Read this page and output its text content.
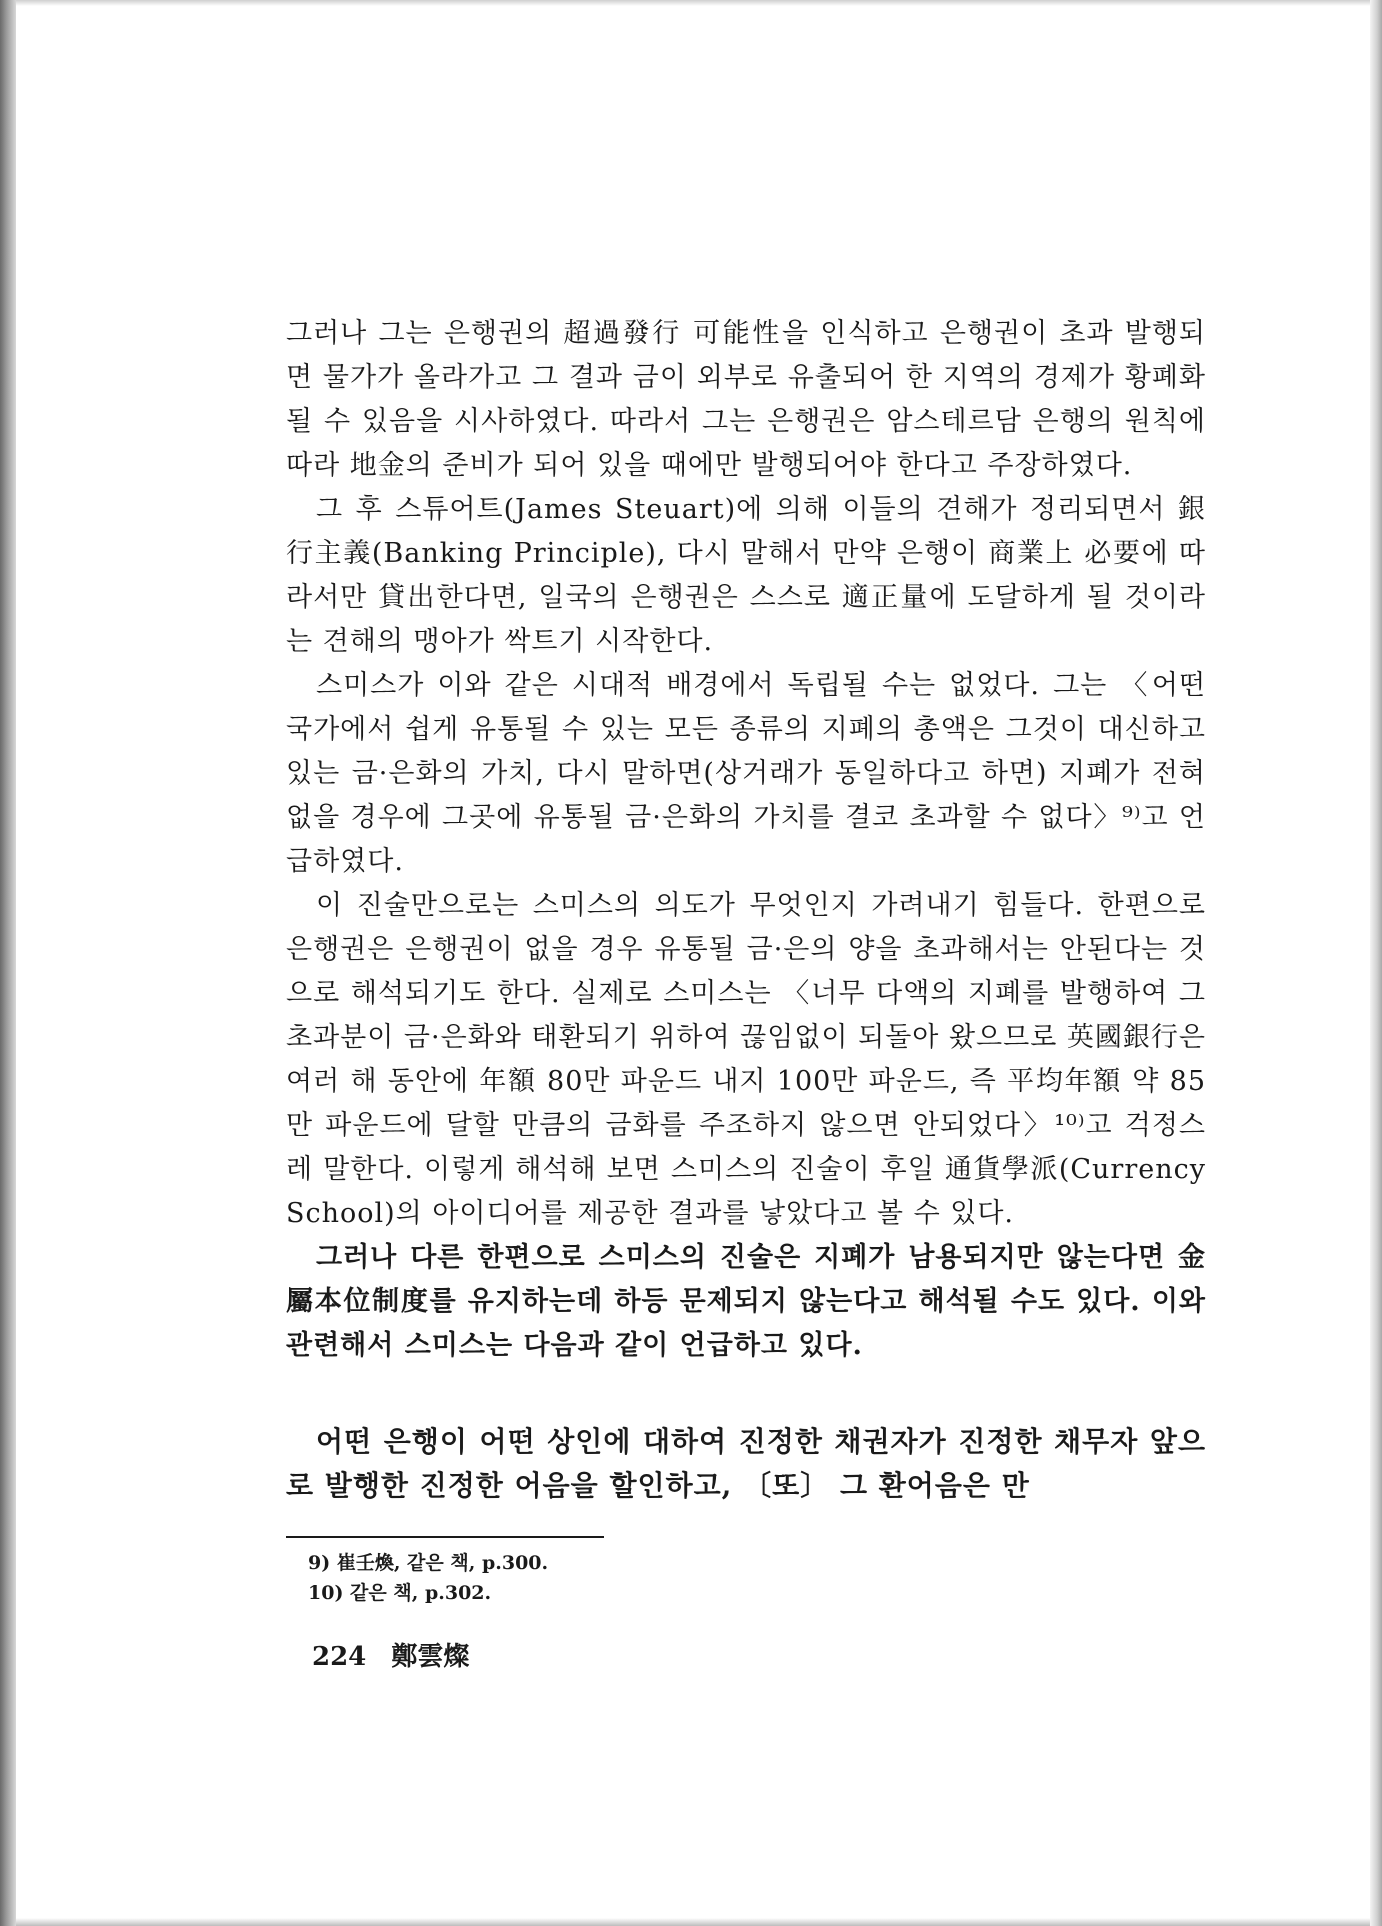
그러나 그는 은행권의 超過發行 可能性을 인식하고 은행권이 초과 발행되면 물가가 올라가고 그 결과 금이 외부로 유출되어 한 지역의 경제가 황폐화될 수 있음을 시사하였다. 따라서 그는 은행권은 암스테르담 은행의 원칙에 따라 地金의 준비가 되어 있을 때에만 발행되어야 한다고 주장하였다.

그 후 스튜어트(James Steuart)에 의해 이들의 견해가 정리되면서 銀行主義(Banking Principle), 다시 말해서 만약 은행이 商業上 必要에 따라서만 貸出한다면, 일국의 은행권은 스스로 適正量에 도달하게 될 것이라는 견해의 맹아가 싹트기 시작한다.

스미스가 이와 같은 시대적 배경에서 독립될 수는 없었다. 그는 〈어떤 국가에서 쉽게 유통될 수 있는 모든 종류의 지폐의 총액은 그것이 대신하고 있는 금·은화의 가치, 다시 말하면(상거래가 동일하다고 하면) 지폐가 전혀 없을 경우에 그곳에 유통될 금·은화의 가치를 결코 초과할 수 없다〉⁹⁾고 언급하였다.

이 진술만으로는 스미스의 의도가 무엇인지 가려내기 힘들다. 한편으로 은행권은 은행권이 없을 경우 유통될 금·은의 양을 초과해서는 안된다는 것으로 해석되기도 한다. 실제로 스미스는 〈너무 다액의 지폐를 발행하여 그 초과분이 금·은화와 태환되기 위하여 끊임없이 되돌아 왔으므로 英國銀行은 여러 해 동안에 年額 80만 파운드 내지 100만 파운드, 즉 平均年額 약 85만 파운드에 달할 만큼의 금화를 주조하지 않으면 안되었다〉¹⁰⁾고 걱정스레 말한다. 이렇게 해석해 보면 스미스의 진술이 후일 通貨學派(Currency School)의 아이디어를 제공한 결과를 낳았다고 볼 수 있다.

그러나 다른 한편으로 스미스의 진술은 지폐가 남용되지만 않는다면 金屬本位制度를 유지하는데 하등 문제되지 않는다고 해석될 수도 있다. 이와 관련해서 스미스는 다음과 같이 언급하고 있다.

어떤 은행이 어떤 상인에 대하여 진정한 채권자가 진정한 채무자 앞으로 발행한 진정한 어음을 할인하고, 〔또〕 그 환어음은 만

9) 崔壬煥, 같은 책, p.300.

10) 같은 책, p.302.

224 鄭雲燦
